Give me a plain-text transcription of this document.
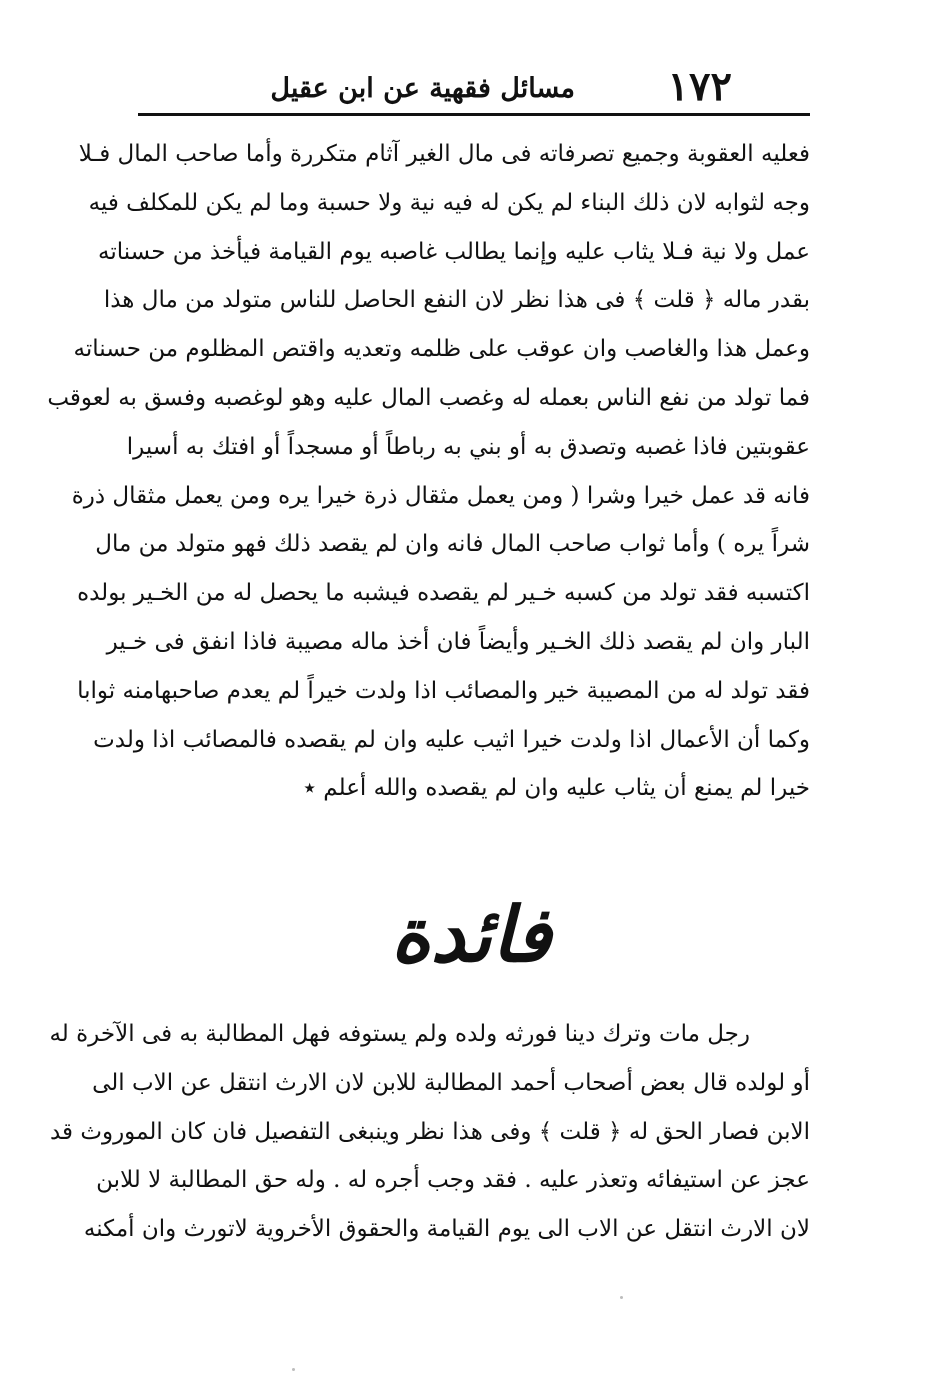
١٧٢
مسائل فقهية عن ابن عقيل
فعليه العقوبة وجميع تصرفاته فى مال الغير آثام متكررة وأما صاحب المال فـلا
وجه لثوابه لان ذلك البناء لم يكن له فيه نية ولا حسبة وما لم يكن للمكلف فيه
عمل ولا نية فـلا يثاب عليه وإنما يطالب غاصبه يوم القيامة فيأخذ من حسناته
بقدر ماله ﴿ قلت ﴾ فى هذا نظر لان النفع الحاصل للناس متولد من مال هذا
وعمل هذا والغاصب وان عوقب على ظلمه وتعديه واقتص المظلوم من حسناته
فما تولد من نفع الناس بعمله له وغصب المال عليه وهو لوغصبه وفسق به لعوقب
عقوبتين فاذا غصبه وتصدق به أو بني به رباطاً أو مسجداً أو افتك به أسيرا
فانه قد عمل خيرا وشرا ( ومن يعمل مثقال ذرة خيرا يره ومن يعمل مثقال ذرة
شراً يره ) وأما ثواب صاحب المال فانه وان لم يقصد ذلك فهو متولد من مال
اكتسبه فقد تولد من كسبه خـير لم يقصده فيشبه ما يحصل له من الخـير بولده
البار وان لم يقصد ذلك الخـير وأيضاً فان أخذ ماله مصيبة فاذا انفق فى خـير
فقد تولد له من المصيبة خير والمصائب اذا ولدت خيراً لم يعدم صاحبهامنه ثوابا
وكما أن الأعمال اذا ولدت خيرا اثيب عليه وان لم يقصده فالمصائب اذا ولدت
خيرا لم يمنع أن يثاب عليه وان لم يقصده والله أعلم ٭
فائدة
رجل مات وترك دينا فورثه ولده ولم يستوفه فهل المطالبة به فى الآخرة له
أو لولده قال بعض أصحاب أحمد المطالبة للابن لان الارث انتقل عن الاب الى
الابن فصار الحق له ﴿ قلت ﴾ وفى هذا نظر وينبغى التفصيل فان كان الموروث قد
عجز عن استيفائه وتعذر عليه . فقد وجب أجره له . وله حق المطالبة لا للابن
لان الارث انتقل عن الاب الى يوم القيامة والحقوق الأخروية لاتورث وان أمكنه
